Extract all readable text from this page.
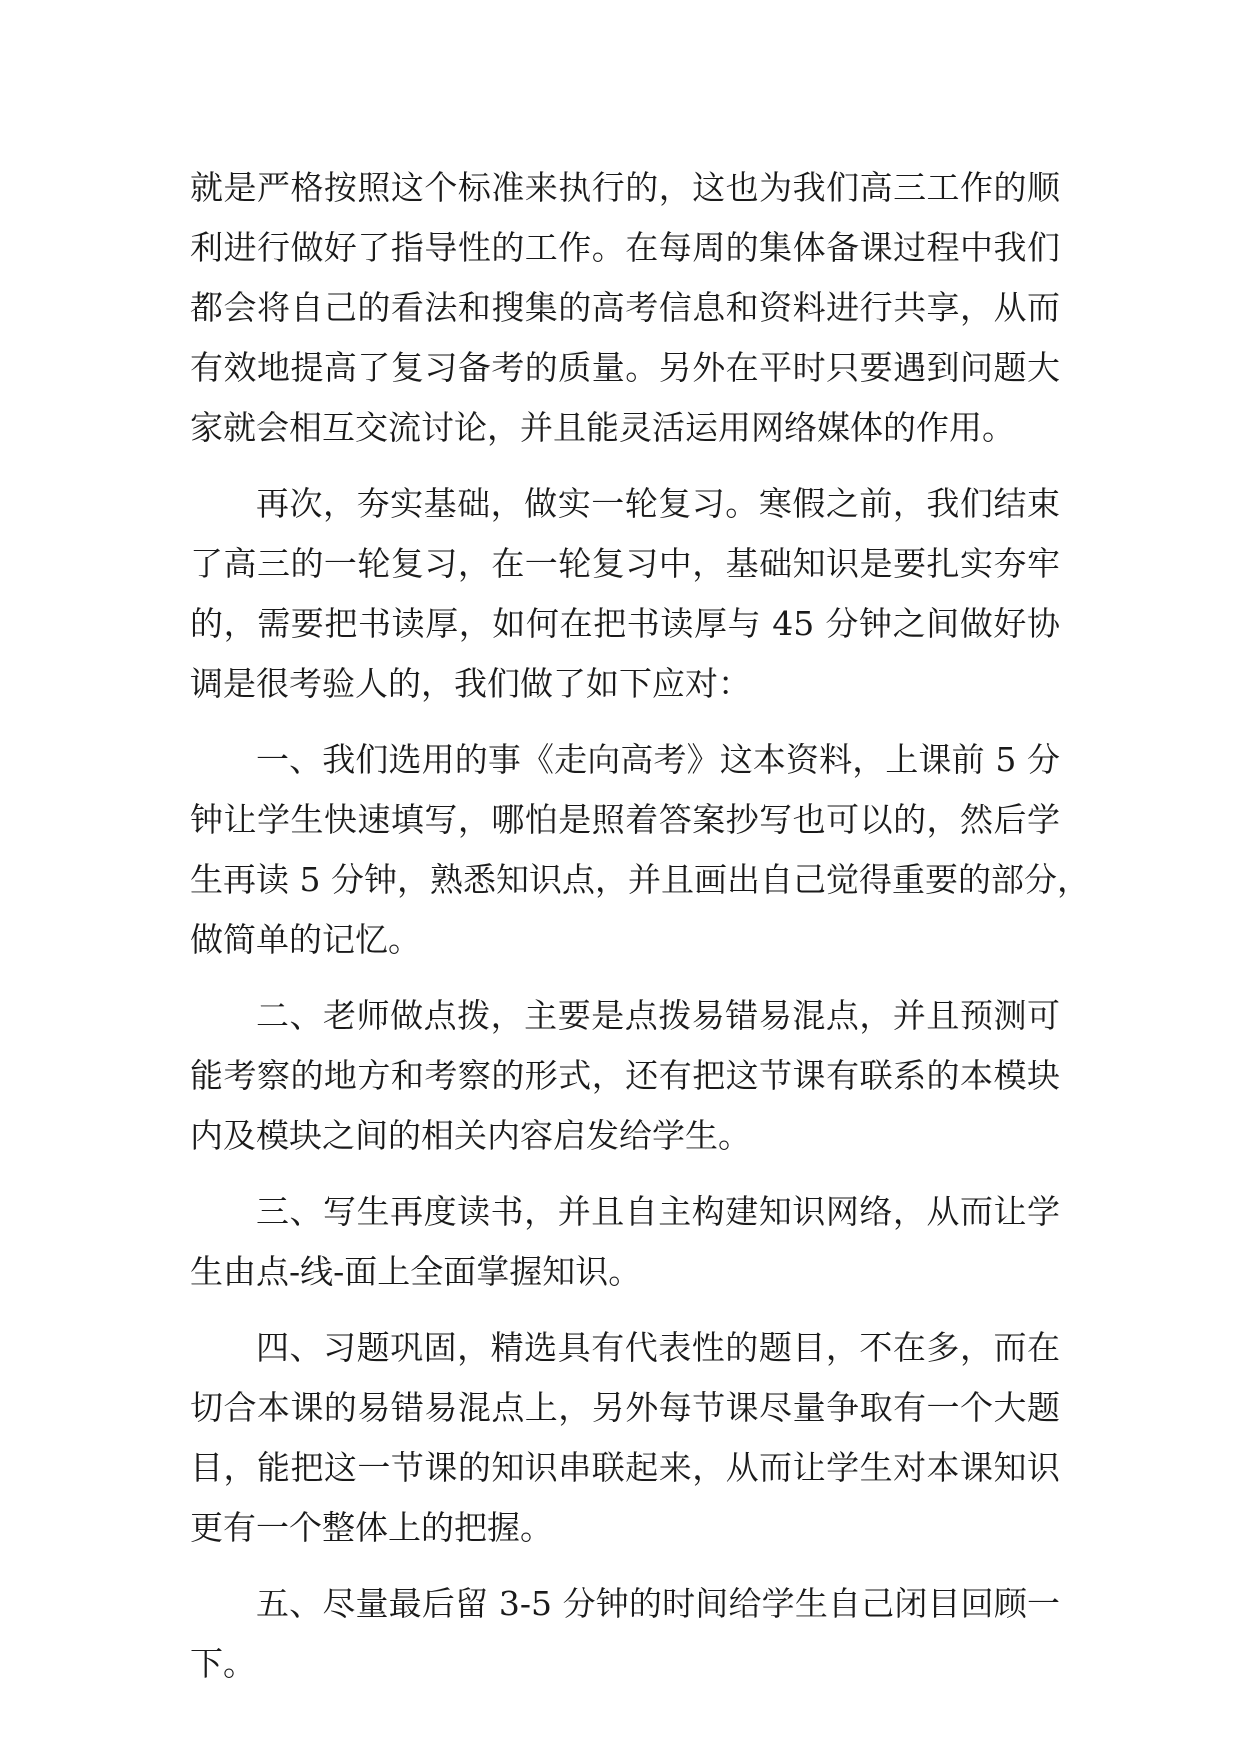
就是严格按照这个标准来执行的，这也为我们高三工作的顺
利进行做好了指导性的工作。在每周的集体备课过程中我们
都会将自己的看法和搜集的高考信息和资料进行共享，从而
有效地提高了复习备考的质量。另外在平时只要遇到问题大
家就会相互交流讨论，并且能灵活运用网络媒体的作用。
再次，夯实基础，做实一轮复习。寒假之前，我们结束
了高三的一轮复习，在一轮复习中，基础知识是要扎实夯牢
的，需要把书读厚，如何在把书读厚与 45 分钟之间做好协
调是很考验人的，我们做了如下应对：
一、我们选用的事《走向高考》这本资料，上课前 5 分
钟让学生快速填写，哪怕是照着答案抄写也可以的，然后学
生再读 5 分钟，熟悉知识点，并且画出自己觉得重要的部分，
做简单的记忆。
二、老师做点拨，主要是点拨易错易混点，并且预测可
能考察的地方和考察的形式，还有把这节课有联系的本模块
内及模块之间的相关内容启发给学生。
三、写生再度读书，并且自主构建知识网络，从而让学
生由点-线-面上全面掌握知识。
四、习题巩固，精选具有代表性的题目，不在多，而在
切合本课的易错易混点上，另外每节课尽量争取有一个大题
目，能把这一节课的知识串联起来，从而让学生对本课知识
更有一个整体上的把握。
五、尽量最后留 3-5 分钟的时间给学生自己闭目回顾一
下。
